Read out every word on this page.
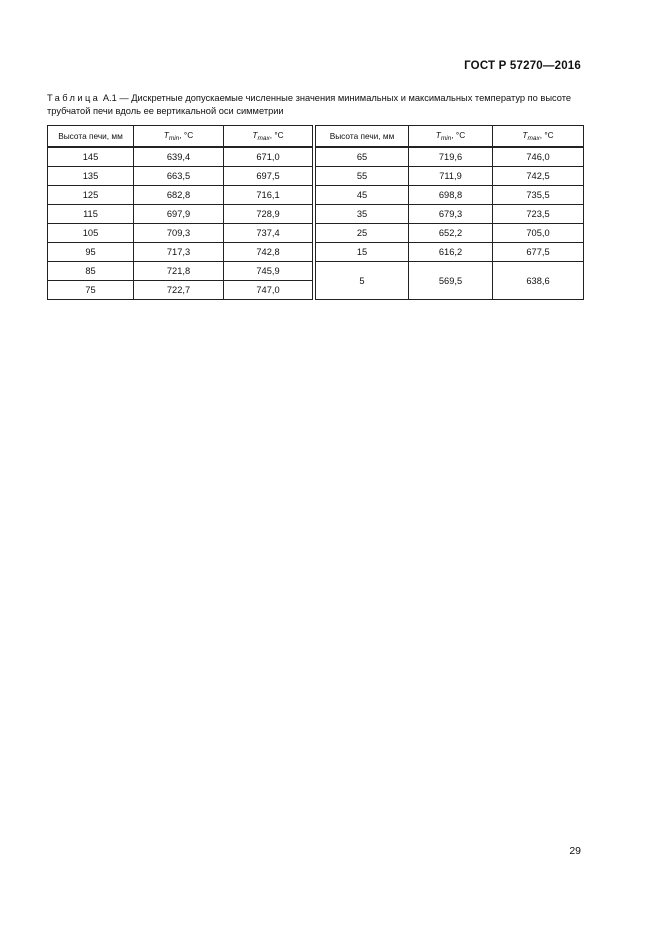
ГОСТ Р 57270—2016
Таблица А.1 — Дискретные допускаемые численные значения минимальных и максимальных температур по высоте трубчатой печи вдоль ее вертикальной оси симметрии
Высота печи, мм	$T_{min}$, °C	$T_{max}$, °C		Высота печи, мм	$T_{min}$, °C	$T_{max}$, °C
145	639,4	671,0		65	719,6	746,0
135	663,5	697,5		55	711,9	742,5
125	682,8	716,1		45	698,8	735,5
115	697,9	728,9		35	679,3	723,5
105	709,3	737,4		25	652,2	705,0
95	717,3	742,8		15	616,2	677,5
85	721,8	745,9		5	569,5	638,6
75	722,7	747,0				
29
